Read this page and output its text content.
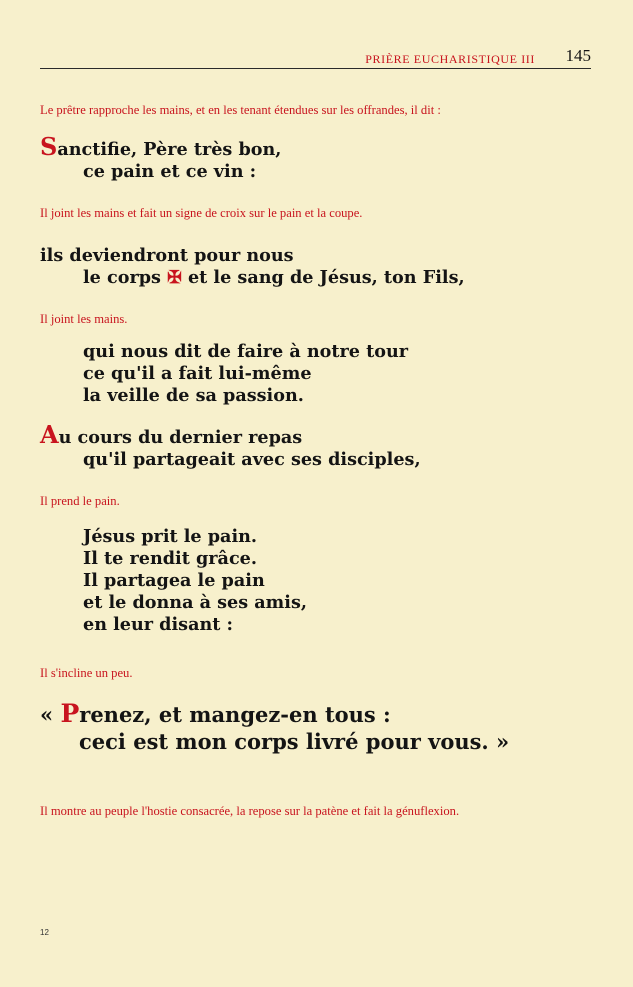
PRIÈRE EUCHARISTIQUE III 145
Le prêtre rapproche les mains, et en les tenant étendues sur les offrandes, il dit :
Sanctifie, Père très bon,
ce pain et ce vin :
Il joint les mains et fait un signe de croix sur le pain et la coupe.
ils deviendront pour nous
le corps ✠ et le sang de Jésus, ton Fils,
Il joint les mains.
qui nous dit de faire à notre tour
ce qu'il a fait lui-même
la veille de sa passion.
Au cours du dernier repas
qu'il partageait avec ses disciples,
Il prend le pain.
Jésus prit le pain.
Il te rendit grâce.
Il partagea le pain
et le donna à ses amis,
en leur disant :
Il s'incline un peu.
« Prenez, et mangez-en tous :
ceci est mon corps livré pour vous. »
Il montre au peuple l'hostie consacrée, la repose sur la patène et fait la génuflexion.
12
